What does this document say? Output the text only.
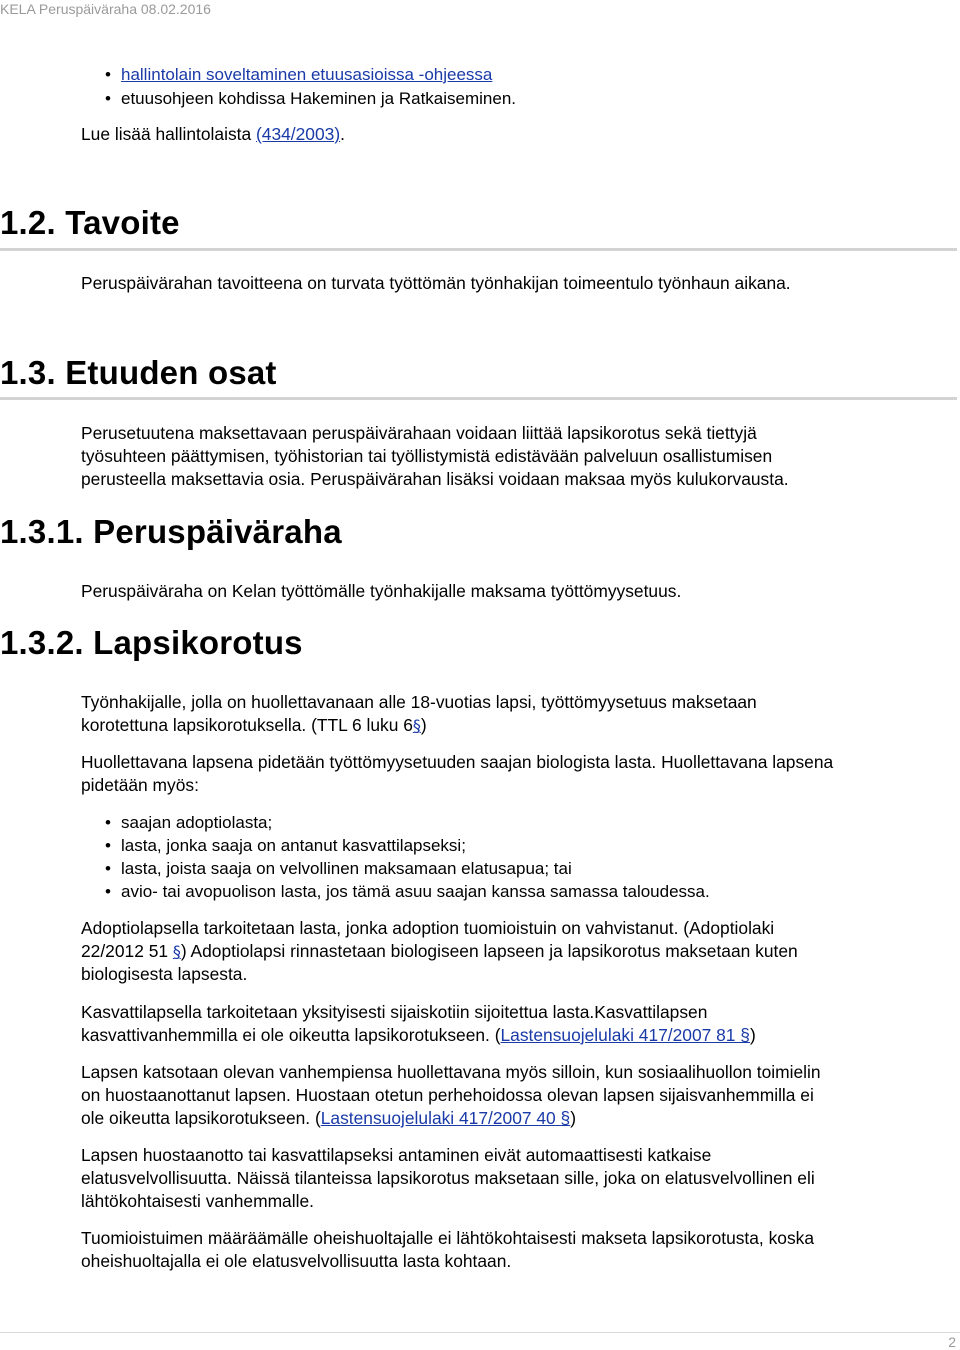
KELA Peruspäiväraha 08.02.2016
• hallintolain soveltaminen etuusasioissa -ohjeessa
• etuusohjeen kohdissa Hakeminen ja Ratkaiseminen.
Lue lisää hallintolaista (434/2003).
1.2. Tavoite
Peruspäivärahan tavoitteena on turvata työttömän työnhakijan toimeentulo työnhaun aikana.
1.3. Etuuden osat
Perusetuutena maksettavaan peruspäivärahaan voidaan liittää lapsikorotus sekä tiettyjä
työsuhteen päättymisen, työhistorian tai työllistymistä edistävään palveluun osallistumisen
perusteella maksettavia osia. Peruspäivärahan lisäksi voidaan maksaa myös kulukorvausta.
1.3.1. Peruspäiväraha
Peruspäiväraha on Kelan työttömälle työnhakijalle maksama työttömyysetuus.
1.3.2. Lapsikorotus
Työnhakijalle, jolla on huollettavanaan alle 18-vuotias lapsi, työttömyysetuus maksetaan
korotettuna lapsikorotuksella. (TTL 6 luku 6§)
Huollettavana lapsena pidetään työttömyysetuuden saajan biologista lasta. Huollettavana lapsena
pidetään myös:
• saajan adoptiolasta;
• lasta, jonka saaja on antanut kasvattilapseksi;
• lasta, joista saaja on velvollinen maksamaan elatusapua; tai
• avio- tai avopuolison lasta, jos tämä asuu saajan kanssa samassa taloudessa.
Adoptiolapsella tarkoitetaan lasta, jonka adoption tuomioistuin on vahvistanut. (Adoptiolaki
22/2012 51 §) Adoptiolapsi rinnastetaan biologiseen lapseen ja lapsikorotus maksetaan kuten
biologisesta lapsesta.
Kasvattilapsella tarkoitetaan yksityisesti sijaiskotiin sijoitettua lasta.Kasvattilapsen
kasvattivanhemmilla ei ole oikeutta lapsikorotukseen. (Lastensuojelulaki 417/2007 81 §)
Lapsen katsotaan olevan vanhempiensa huollettavana myös silloin, kun sosiaalihuollon toimielin
on huostaanottanut lapsen. Huostaan otetun perhehoidossa olevan lapsen sijaisvanhemmilla ei
ole oikeutta lapsikorotukseen. (Lastensuojelulaki 417/2007 40 §)
Lapsen huostaanotto tai kasvattilapseksi antaminen eivät automaattisesti katkaise
elatusvelvollisuutta. Näissä tilanteissa lapsikorotus maksetaan sille, joka on elatusvelvollinen eli
lähtökohtaisesti vanhemmalle.
Tuomioistuimen määräämälle oheishuoltajalle ei lähtökohtaisesti makseta lapsikorotusta, koska
oheishuoltajalla ei ole elatusvelvollisuutta lasta kohtaan.
2
